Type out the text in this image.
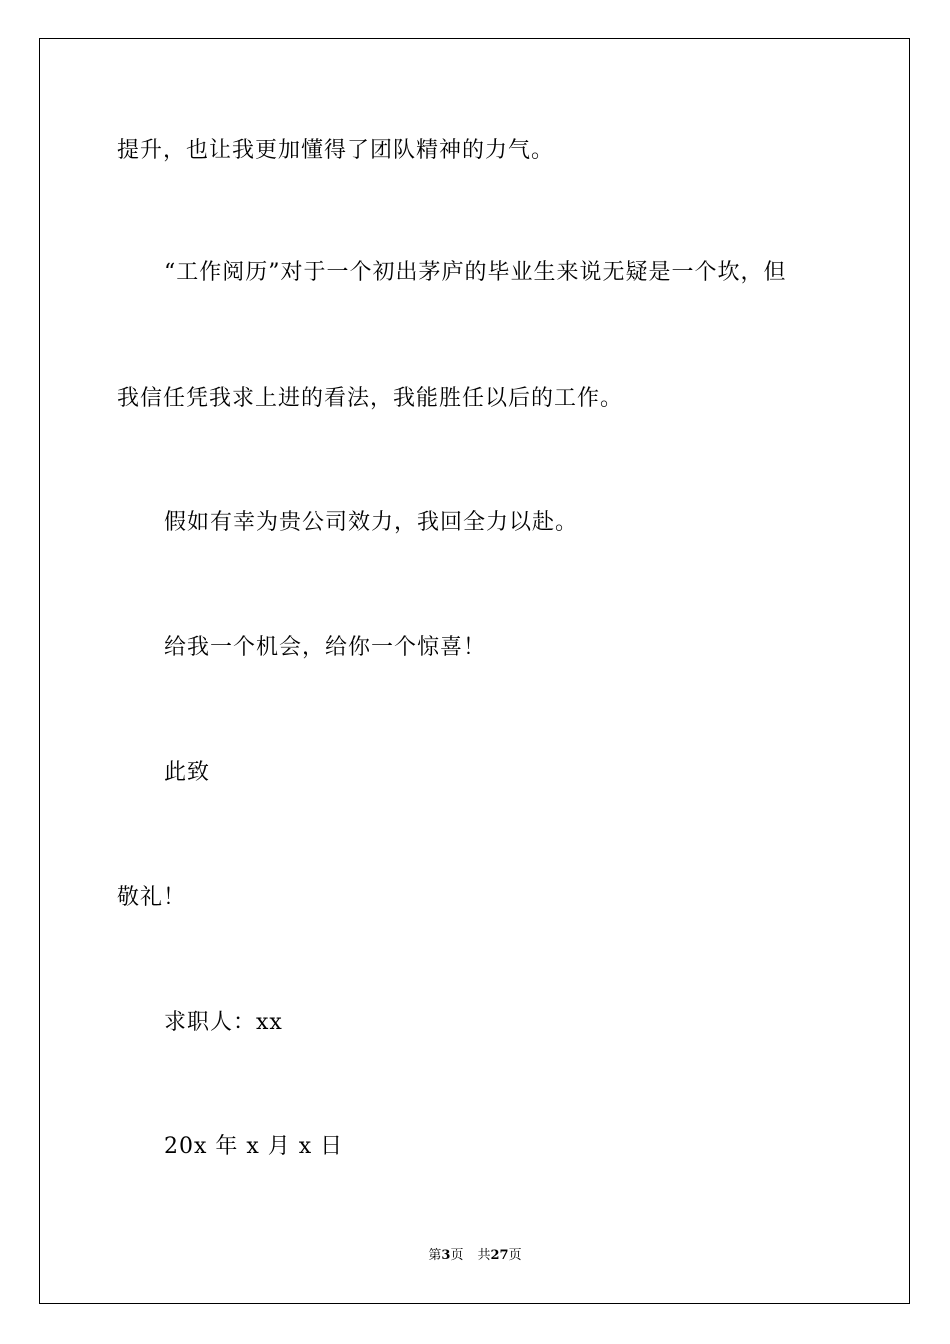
提升，也让我更加懂得了团队精神的力气。
“工作阅历”对于一个初出茅庐的毕业生来说无疑是一个坎，但
我信任凭我求上进的看法，我能胜任以后的工作。
假如有幸为贵公司效力，我回全力以赴。
给我一个机会，给你一个惊喜！
此致
敬礼！
求职人：xx
20x 年 x 月 x 日
第3页 共27页
